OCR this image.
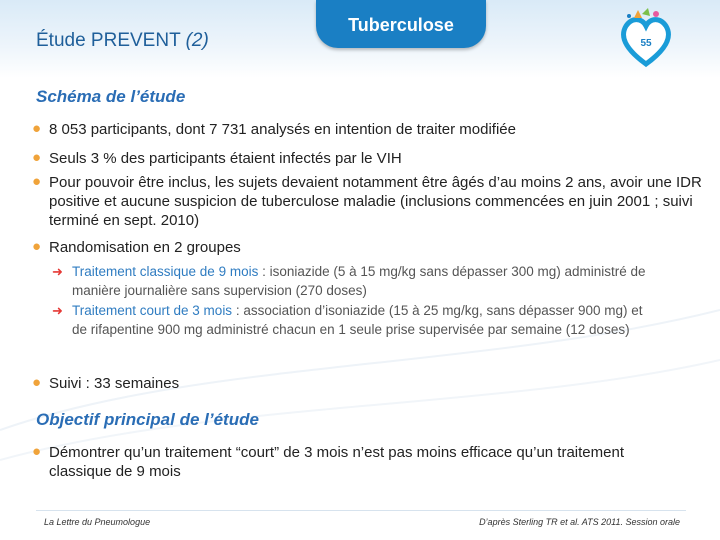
Étude PREVENT (2)
Tuberculose
55
Schéma de l’étude
● 8 053 participants, dont 7 731 analysés en intention de traiter modifiée
● Seuls 3 % des participants étaient infectés par le VIH
● Pour pouvoir être inclus, les sujets devaient notamment être âgés d’au moins 2 ans, avoir une IDR positive et aucune suspicion de tuberculose maladie (inclusions commencées en juin 2001 ; suivi terminé en sept. 2010)
● Randomisation en 2 groupes
➜ Traitement classique de 9 mois : isoniazide (5 à 15 mg/kg sans dépasser 300 mg) administré de manière journalière sans supervision (270 doses)
➜ Traitement court de 3 mois : association d’isoniazide (15 à 25 mg/kg, sans dépasser 900 mg) et de rifapentine 900 mg administré chacun en 1 seule prise supervisée par semaine (12 doses)
● Suivi : 33 semaines
Objectif principal de l’étude
● Démontrer qu’un traitement “court” de 3 mois n’est pas moins efficace qu’un traitement classique de 9 mois
La Lettre du Pneumologue	D’après Sterling TR et al. ATS 2011. Session orale
